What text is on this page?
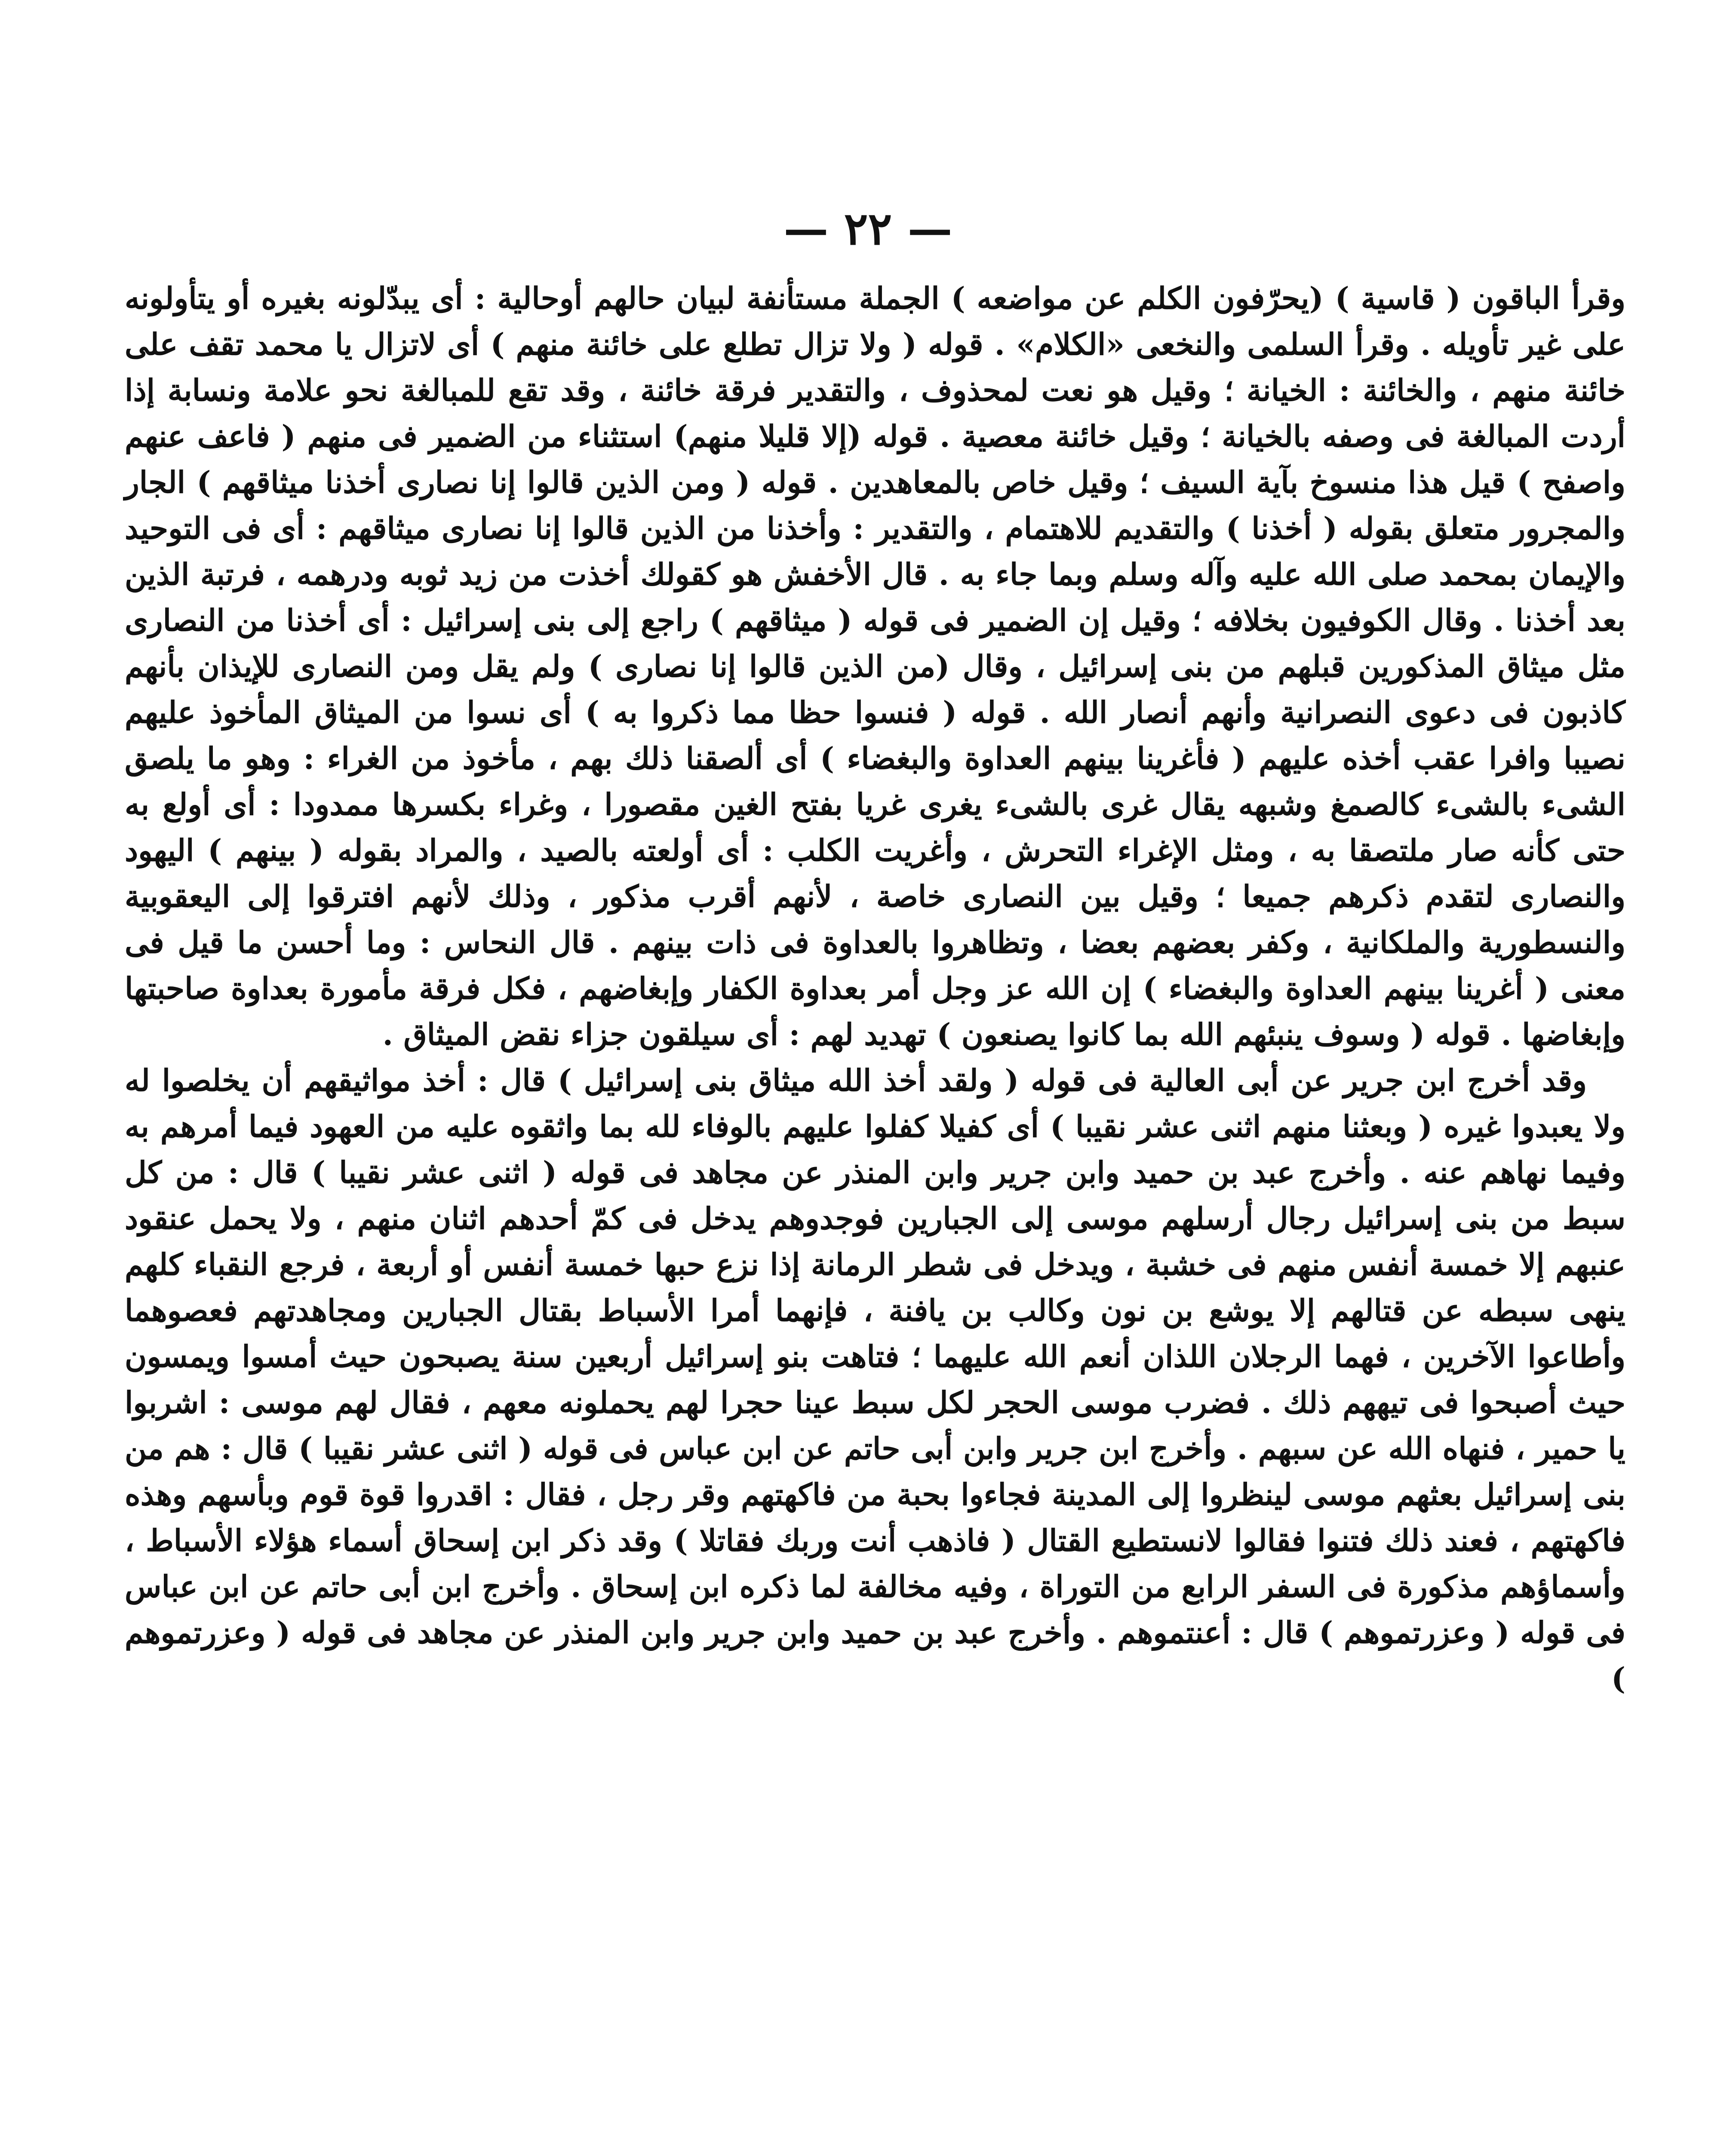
— ٢٢ —

وقرأ الباقون ( قاسية ) (يحرّفون الكلم عن مواضعه ) الجملة مستأنفة لبيان حالهم أوحالية : أى يبدّلونه بغيره أو يتأولونه على غير تأويله . وقرأ السلمى والنخعى «الكلام» . قوله ( ولا تزال تطلع على خائنة منهم ) أى لاتزال يا محمد تقف على خائنة منهم ، والخائنة : الخيانة ؛ وقيل هو نعت لمحذوف ، والتقدير فرقة خائنة ، وقد تقع للمبالغة نحو علامة ونسابة إذا أردت المبالغة فى وصفه بالخيانة ؛ وقيل خائنة معصية . قوله (إلا قليلا منهم) استثناء من الضمير فى منهم ( فاعف عنهم واصفح ) قيل هذا منسوخ بآية السيف ؛ وقيل خاص بالمعاهدين . قوله ( ومن الذين قالوا إنا نصارى أخذنا ميثاقهم ) الجار والمجرور متعلق بقوله ( أخذنا ) والتقديم للاهتمام ، والتقدير : وأخذنا من الذين قالوا إنا نصارى ميثاقهم : أى فى التوحيد والإيمان بمحمد صلى الله عليه وآله وسلم وبما جاء به . قال الأخفش هو كقولك أخذت من زيد ثوبه ودرهمه ، فرتبة الذين بعد أخذنا . وقال الكوفيون بخلافه ؛ وقيل إن الضمير فى قوله ( ميثاقهم ) راجع إلى بنى إسرائيل : أى أخذنا من النصارى مثل ميثاق المذكورين قبلهم من بنى إسرائيل ، وقال (من الذين قالوا إنا نصارى ) ولم يقل ومن النصارى للإيذان بأنهم كاذبون فى دعوى النصرانية وأنهم أنصار الله . قوله ( فنسوا حظا مما ذكروا به ) أى نسوا من الميثاق المأخوذ عليهم نصيبا وافرا عقب أخذه عليهم ( فأغرينا بينهم العداوة والبغضاء ) أى ألصقنا ذلك بهم ، مأخوذ من الغراء : وهو ما يلصق الشىء بالشىء كالصمغ وشبهه يقال غرى بالشىء يغرى غريا بفتح الغين مقصورا ، وغراء بكسرها ممدودا : أى أولع به حتى كأنه صار ملتصقا به ، ومثل الإغراء التحرش ، وأغريت الكلب : أى أولعته بالصيد ، والمراد بقوله ( بينهم ) اليهود والنصارى لتقدم ذكرهم جميعا ؛ وقيل بين النصارى خاصة ، لأنهم أقرب مذكور ، وذلك لأنهم افترقوا إلى اليعقوبية والنسطورية والملكانية ، وكفر بعضهم بعضا ، وتظاهروا بالعداوة فى ذات بينهم . قال النحاس : وما أحسن ما قيل فى معنى ( أغرينا بينهم العداوة والبغضاء ) إن الله عز وجل أمر بعداوة الكفار وإبغاضهم ، فكل فرقة مأمورة بعداوة صاحبتها وإبغاضها . قوله ( وسوف ينبئهم الله بما كانوا يصنعون ) تهديد لهم : أى سيلقون جزاء نقض الميثاق .

وقد أخرج ابن جرير عن أبى العالية فى قوله ( ولقد أخذ الله ميثاق بنى إسرائيل ) قال : أخذ مواثيقهم أن يخلصوا له ولا يعبدوا غيره ( وبعثنا منهم اثنى عشر نقيبا ) أى كفيلا كفلوا عليهم بالوفاء لله بما واثقوه عليه من العهود فيما أمرهم به وفيما نهاهم عنه . وأخرج عبد بن حميد وابن جرير وابن المنذر عن مجاهد فى قوله ( اثنى عشر نقيبا ) قال : من كل سبط من بنى إسرائيل رجال أرسلهم موسى إلى الجبارين فوجدوهم يدخل فى كمّ أحدهم اثنان منهم ، ولا يحمل عنقود عنبهم إلا خمسة أنفس منهم فى خشبة ، ويدخل فى شطر الرمانة إذا نزع حبها خمسة أنفس أو أربعة ، فرجع النقباء كلهم ينهى سبطه عن قتالهم إلا يوشع بن نون وكالب بن يافنة ، فإنهما أمرا الأسباط بقتال الجبارين ومجاهدتهم فعصوهما وأطاعوا الآخرين ، فهما الرجلان اللذان أنعم الله عليهما ؛ فتاهت بنو إسرائيل أربعين سنة يصبحون حيث أمسوا ويمسون حيث أصبحوا فى تيههم ذلك . فضرب موسى الحجر لكل سبط عينا حجرا لهم يحملونه معهم ، فقال لهم موسى : اشربوا يا حمير ، فنهاه الله عن سبهم . وأخرج ابن جرير وابن أبى حاتم عن ابن عباس فى قوله ( اثنى عشر نقيبا ) قال : هم من بنى إسرائيل بعثهم موسى لينظروا إلى المدينة فجاءوا بحبة من فاكهتهم وقر رجل ، فقال : اقدروا قوة قوم وبأسهم وهذه فاكهتهم ، فعند ذلك فتنوا فقالوا لانستطيع القتال ( فاذهب أنت وربك فقاتلا ) وقد ذكر ابن إسحاق أسماء هؤلاء الأسباط ، وأسماؤهم مذكورة فى السفر الرابع من التوراة ، وفيه مخالفة لما ذكره ابن إسحاق . وأخرج ابن أبى حاتم عن ابن عباس فى قوله ( وعزرتموهم ) قال : أعنتموهم . وأخرج عبد بن حميد وابن جرير وابن المنذر عن مجاهد فى قوله ( وعزرتموهم )
